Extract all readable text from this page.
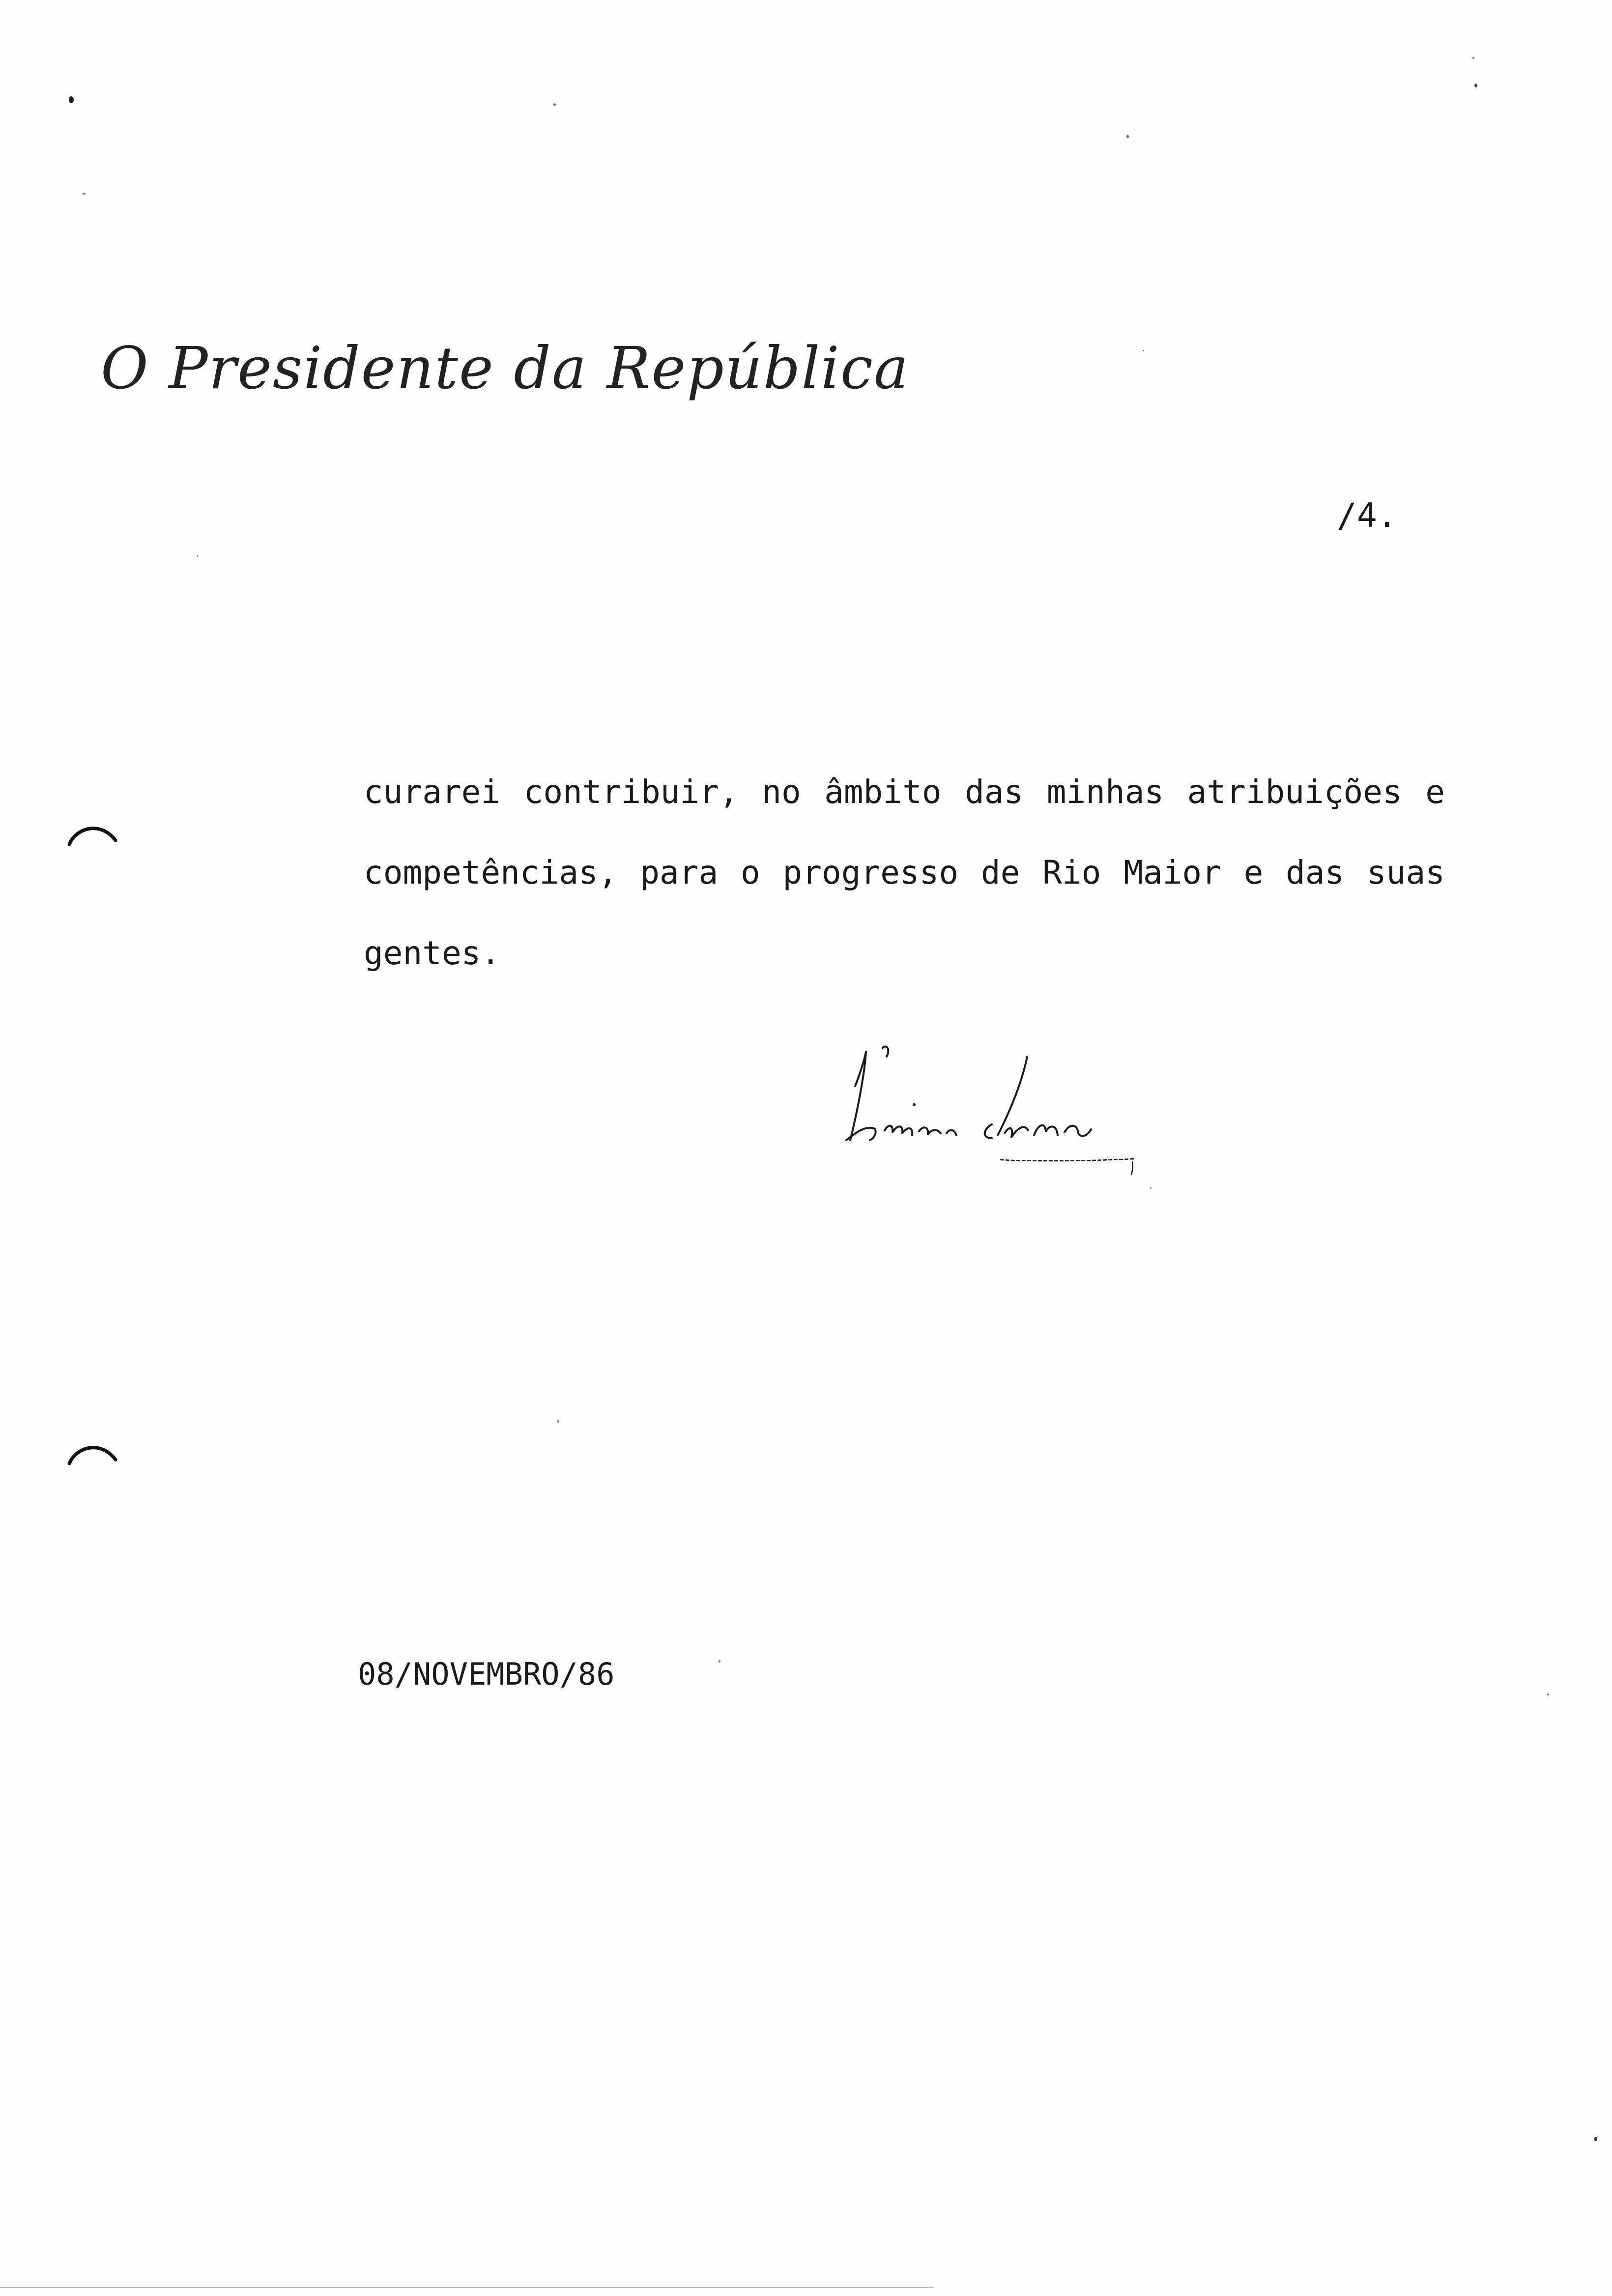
O Presidente da República
/4.

curarei contribuir, no âmbito das minhas atribuições e
competências, para o progresso de Rio Maior e das suas
gentes.

08/NOVEMBRO/86
